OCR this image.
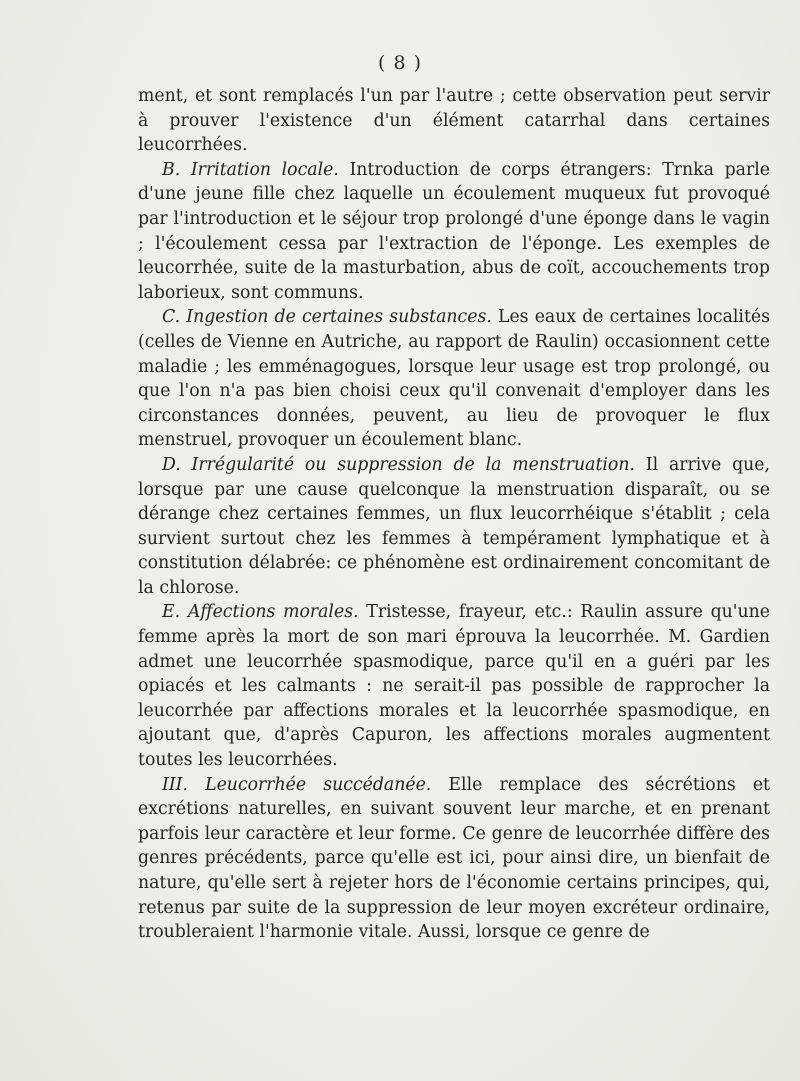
( 8 )

ment, et sont remplacés l'un par l'autre ; cette observation peut servir à prouver l'existence d'un élément catarrhal dans certaines leucorrhées.

B. Irritation locale. Introduction de corps étrangers: Trnka parle d'une jeune fille chez laquelle un écoulement muqueux fut provoqué par l'introduction et le séjour trop prolongé d'une éponge dans le vagin ; l'écoulement cessa par l'extraction de l'éponge. Les exemples de leucorrhée, suite de la masturbation, abus de coït, accouchements trop laborieux, sont communs.

C. Ingestion de certaines substances. Les eaux de certaines localités (celles de Vienne en Autriche, au rapport de Raulin) occasionnent cette maladie ; les emménagogues, lorsque leur usage est trop prolongé, ou que l'on n'a pas bien choisi ceux qu'il convenait d'employer dans les circonstances données, peuvent, au lieu de provoquer le flux menstruel, provoquer un écoulement blanc.

D. Irrégularité ou suppression de la menstruation. Il arrive que, lorsque par une cause quelconque la menstruation disparaît, ou se dérange chez certaines femmes, un flux leucorrhéique s'établit ; cela survient surtout chez les femmes à tempérament lymphatique et à constitution délabrée: ce phénomène est ordinairement concomitant de la chlorose.

E. Affections morales. Tristesse, frayeur, etc.: Raulin assure qu'une femme après la mort de son mari éprouva la leucorrhée. M. Gardien admet une leucorrhée spasmodique, parce qu'il en a guéri par les opiacés et les calmants : ne serait-il pas possible de rapprocher la leucorrhée par affections morales et la leucorrhée spasmodique, en ajoutant que, d'après Capuron, les affections morales augmentent toutes les leucorrhées.

III. Leucorrhée succédanée. Elle remplace des sécrétions et excrétions naturelles, en suivant souvent leur marche, et en prenant parfois leur caractère et leur forme. Ce genre de leucorrhée diffère des genres précédents, parce qu'elle est ici, pour ainsi dire, un bienfait de nature, qu'elle sert à rejeter hors de l'économie certains principes, qui, retenus par suite de la suppression de leur moyen excréteur ordinaire, troubleraient l'harmonie vitale. Aussi, lorsque ce genre de
